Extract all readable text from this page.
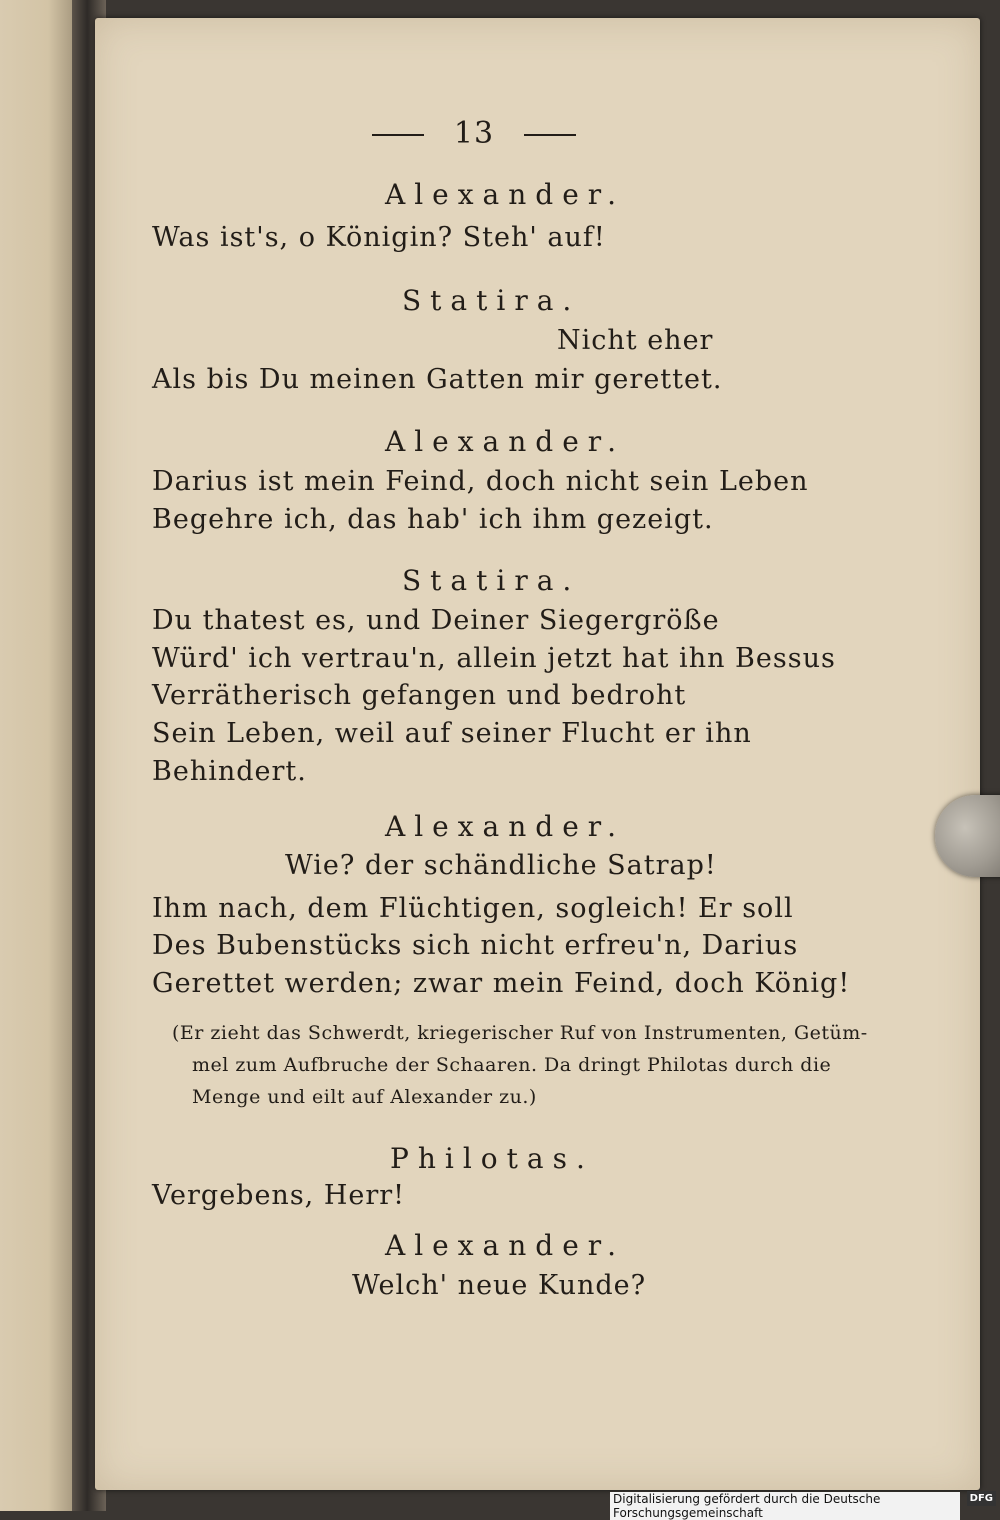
13
Alexander.
Was ist's, o Königin? Steh' auf!
Statira.
Nicht eher
Als bis Du meinen Gatten mir gerettet.
Alexander.
Darius ist mein Feind, doch nicht sein Leben
Begehre ich, das hab' ich ihm gezeigt.
Statira.
Du thatest es, und Deiner Siegergröße
Würd' ich vertrau'n, allein jetzt hat ihn Bessus
Verrätherisch gefangen und bedroht
Sein Leben, weil auf seiner Flucht er ihn
Behindert.
Alexander.
Wie? der schändliche Satrap!
Ihm nach, dem Flüchtigen, sogleich! Er soll
Des Bubenstücks sich nicht erfreu'n, Darius
Gerettet werden; zwar mein Feind, doch König!
(Er zieht das Schwerdt, kriegerischer Ruf von Instrumenten, Getüm-
mel zum Aufbruche der Schaaren. Da dringt Philotas durch die
Menge und eilt auf Alexander zu.)
Philotas.
Vergebens, Herr!
Alexander.
Welch' neue Kunde?
Digitalisierung gefördert durch die Deutsche Forschungsgemeinschaft
DFG
